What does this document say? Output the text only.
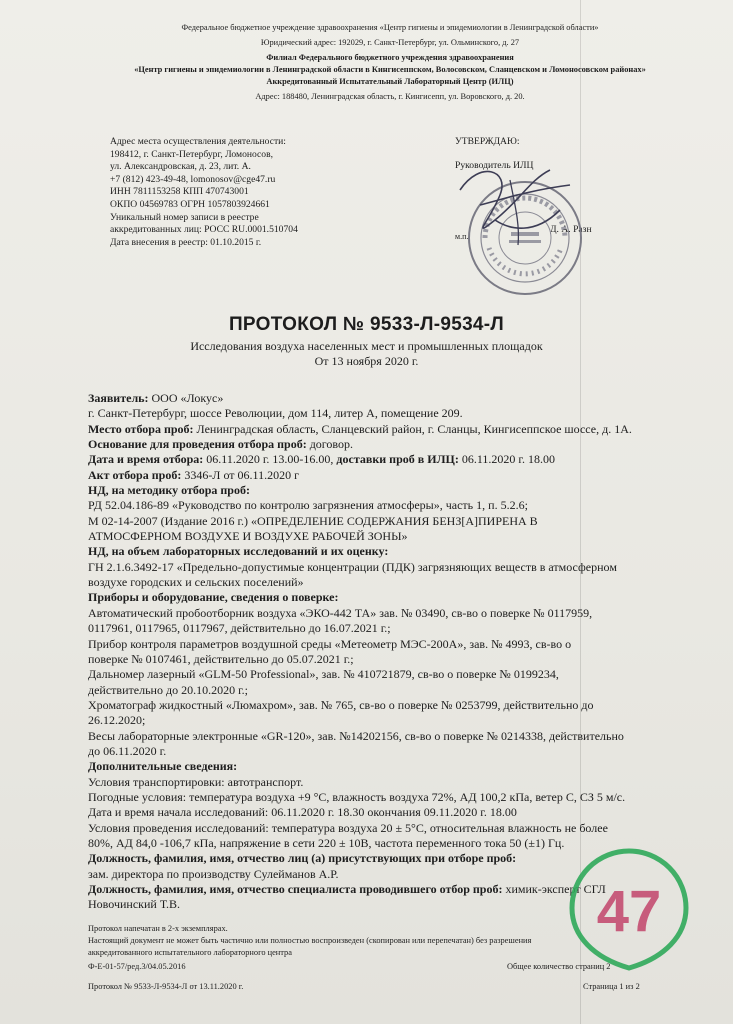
Федеральное бюджетное учреждение здравоохранения «Центр гигиены и эпидемиологии в Ленинградской области»
Юридический адрес: 192029, г. Санкт-Петербург, ул. Ольминского, д. 27
Филиал Федерального бюджетного учреждения здравоохранения
«Центр гигиены и эпидемиологии в Ленинградской области в Кингисеппском, Волосовском, Сланцевском и Ломоносовском районах»
Аккредитованный Испытательный Лабораторный Центр (ИЛЦ)
Адрес: 188480, Ленинградская область, г. Кингисепп, ул. Воровского, д. 20.
Адрес места осуществления деятельности:
198412, г. Санкт-Петербург, Ломоносов,
ул. Александровская, д. 23, лит. А.
+7 (812) 423-49-48, lomonosov@cge47.ru
ИНН 7811153258 КПП 470743001
ОКПО 04569783 ОГРН 1057803924661
Уникальный номер записи в реестре
аккредитованных лиц: РОСС RU.0001.510704
Дата внесения в реестр: 01.10.2015 г.
УТВЕРЖДАЮ:
Руководитель ИЛЦ
Д. А. Разн
м.п.
ПРОТОКОЛ № 9533-Л-9534-Л
Исследования воздуха населенных мест и промышленных площадок
От 13 ноября 2020 г.
Заявитель: ООО «Локус»
г. Санкт-Петербург, шоссе Революции, дом 114, литер А, помещение 209.
Место отбора проб: Ленинградская область, Сланцевский район, г. Сланцы, Кингисеппское шоссе, д. 1А.
Основание для проведения отбора проб: договор.
Дата и время отбора: 06.11.2020 г. 13.00-16.00, доставки проб в ИЛЦ: 06.11.2020 г. 18.00
Акт отбора проб: 3346-Л от 06.11.2020 г
НД, на методику отбора проб:
РД 52.04.186-89 «Руководство по контролю загрязнения атмосферы», часть 1, п. 5.2.6;
М 02-14-2007 (Издание 2016 г.) «ОПРЕДЕЛЕНИЕ СОДЕРЖАНИЯ БЕНЗ[А]ПИРЕНА В
АТМОСФЕРНОМ ВОЗДУХЕ И ВОЗДУХЕ РАБОЧЕЙ ЗОНЫ»
НД, на объем лабораторных исследований и их оценку:
ГН 2.1.6.3492-17 «Предельно-допустимые концентрации (ПДК) загрязняющих веществ в атмосферном
воздухе городских и сельских поселений»
Приборы и оборудование, сведения о поверке:
Автоматический пробоотборник воздуха «ЭКО-442 ТА» зав. № 03490, св-во о поверке № 0117959,
0117961, 0117965, 0117967, действительно до 16.07.2021 г.;
Прибор контроля параметров воздушной среды «Метеометр МЭС-200А», зав. № 4993, св-во о
поверке № 0107461, действительно до 05.07.2021 г.;
Дальномер лазерный «GLM-50 Professional», зав. № 410721879, св-во о поверке № 0199234,
действительно до 20.10.2020 г.;
Хроматограф жидкостный «Люмахром», зав. № 765, св-во о поверке № 0253799, действительно до
26.12.2020;
Весы лабораторные электронные «GR-120», зав. №14202156, св-во о поверке № 0214338, действительно
до 06.11.2020 г.
Дополнительные сведения:
Условия транспортировки: автотранспорт.
Погодные условия: температура воздуха +9 °С, влажность воздуха 72%, АД 100,2 кПа, ветер С, СЗ 5 м/с.
Дата и время начала исследований: 06.11.2020 г. 18.30 окончания 09.11.2020 г. 18.00
Условия проведения исследований: температура воздуха 20 ± 5°С, относительная влажность не более
80%, АД 84,0 -106,7 кПа, напряжение в сети 220 ± 10В, частота переменного тока 50 (±1) Гц.
Должность, фамилия, имя, отчество лиц (а) присутствующих при отборе проб:
зам. директора по производству Сулейманов А.Р.
Должность, фамилия, имя, отчество специалиста проводившего отбор проб: химик-эксперт СГЛ
Новочинский Т.В.
Протокол напечатан в 2-х экземплярах.
Настоящий документ не может быть частично или полностью воспроизведен (скопирован или перепечатан) без разрешения
аккредитованного испытательного лабораторного центра
Ф-Е-01-57/ред.3/04.05.2016	Общее количество страниц 2
Протокол № 9533-Л-9534-Л от 13.11.2020 г.	Страница 1 из 2
47
